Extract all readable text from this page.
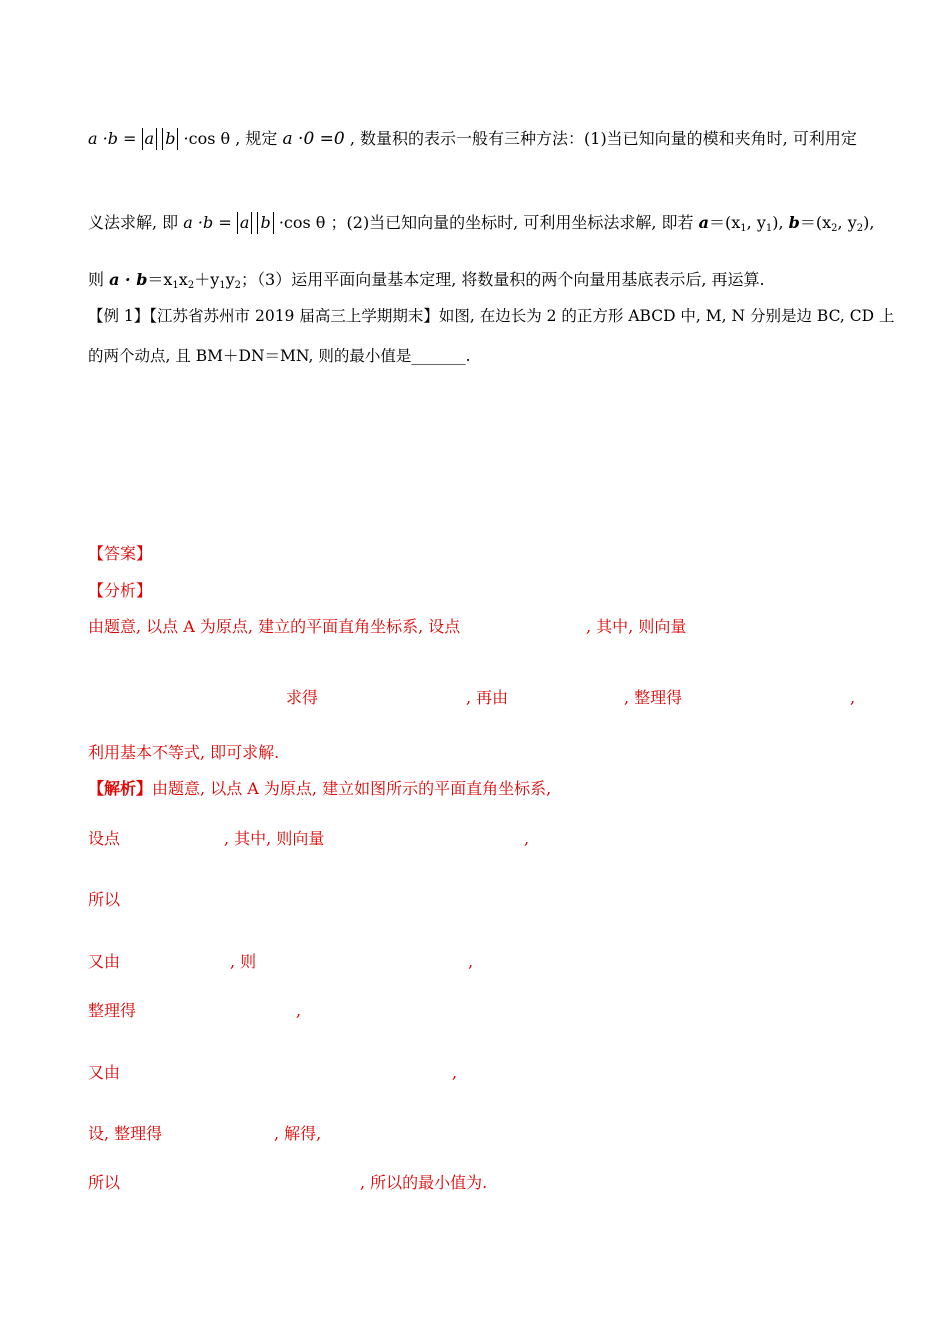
a ·b = a b ·cos θ , 规定 a ·0 =0 , 数量积的表示一般有三种方法：(1)当已知向量的模和夹角时, 可利用定
义法求解, 即 a ·b = a b ·cos θ ；(2)当已知向量的坐标时, 可利用坐标法求解, 即若 $a=(x_1$, $y_1$), $b=(x_2$, $y_2$),
则 $a \cdot b=x_1x_2+y_1y_2$；（3）运用平面向量基本定理, 将数量积的两个向量用基底表示后, 再运算.
【例 1】【江苏省苏州市 2019 届高三上学期期末】如图, 在边长为 2 的正方形 ABCD 中, M, N 分别是边 BC, CD 上
的两个动点, 且 BM＋DN＝MN, 则的最小值是_______.
【答案】
【分析】
由题意, 以点 A 为原点, 建立的平面直角坐标系, 设点	, 其中, 则向量
求得	, 再由	, 整理得	,
利用基本不等式, 即可求解.
【解析】由题意, 以点 A 为原点, 建立如图所示的平面直角坐标系,
设点	, 其中, 则向量	,
所以
又由	, 则	,
整理得	,
又由	,
设, 整理得	, 解得,
所以	, 所以的最小值为.
